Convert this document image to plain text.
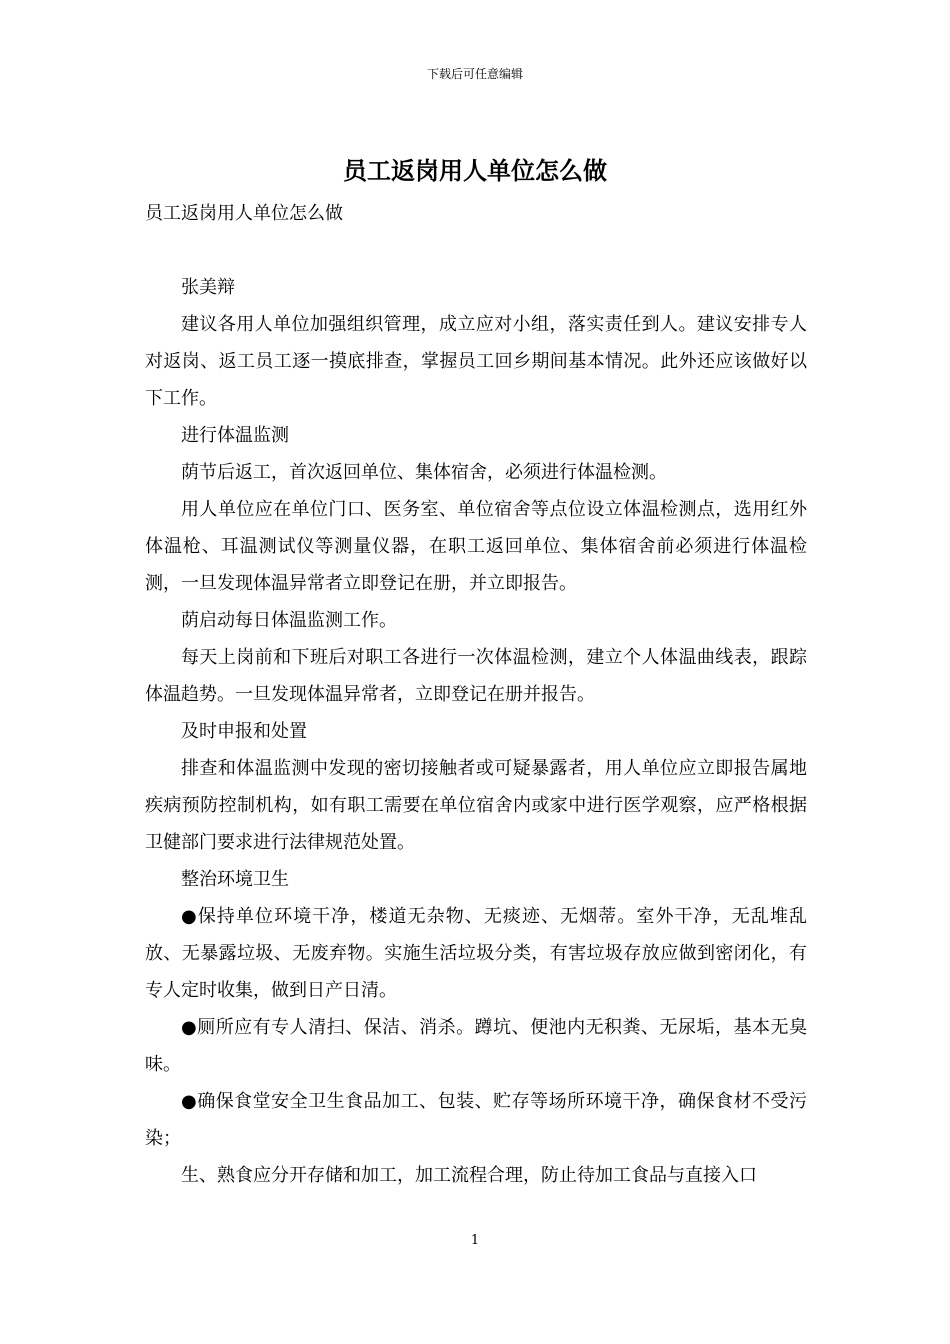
下载后可任意编辑
员工返岗用人单位怎么做

员工返岗用人单位怎么做

张美辩

建议各用人单位加强组织管理，成立应对小组，落实责任到人。建议安排专人对返岗、返工员工逐一摸底排查，掌握员工回乡期间基本情况。此外还应该做好以下工作。

进行体温监测

荫节后返工，首次返回单位、集体宿舍，必须进行体温检测。

用人单位应在单位门口、医务室、单位宿舍等点位设立体温检测点，选用红外体温枪、耳温测试仪等测量仪器，在职工返回单位、集体宿舍前必须进行体温检测，一旦发现体温异常者立即登记在册，并立即报告。

荫启动每日体温监测工作。

每天上岗前和下班后对职工各进行一次体温检测，建立个人体温曲线表，跟踪体温趋势。一旦发现体温异常者，立即登记在册并报告。

及时申报和处置

排查和体温监测中发现的密切接触者或可疑暴露者，用人单位应立即报告属地疾病预防控制机构，如有职工需要在单位宿舍内或家中进行医学观察，应严格根据卫健部门要求进行法律规范处置。

整治环境卫生

●保持单位环境干净，楼道无杂物、无痰迹、无烟蒂。室外干净，无乱堆乱放、无暴露垃圾、无废弃物。实施生活垃圾分类，有害垃圾存放应做到密闭化，有专人定时收集，做到日产日清。

●厕所应有专人清扫、保洁、消杀。蹲坑、便池内无积粪、无尿垢，基本无臭味。

●确保食堂安全卫生食品加工、包装、贮存等场所环境干净，确保食材不受污染；

生、熟食应分开存储和加工，加工流程合理，防止待加工食品与直接入口

1
